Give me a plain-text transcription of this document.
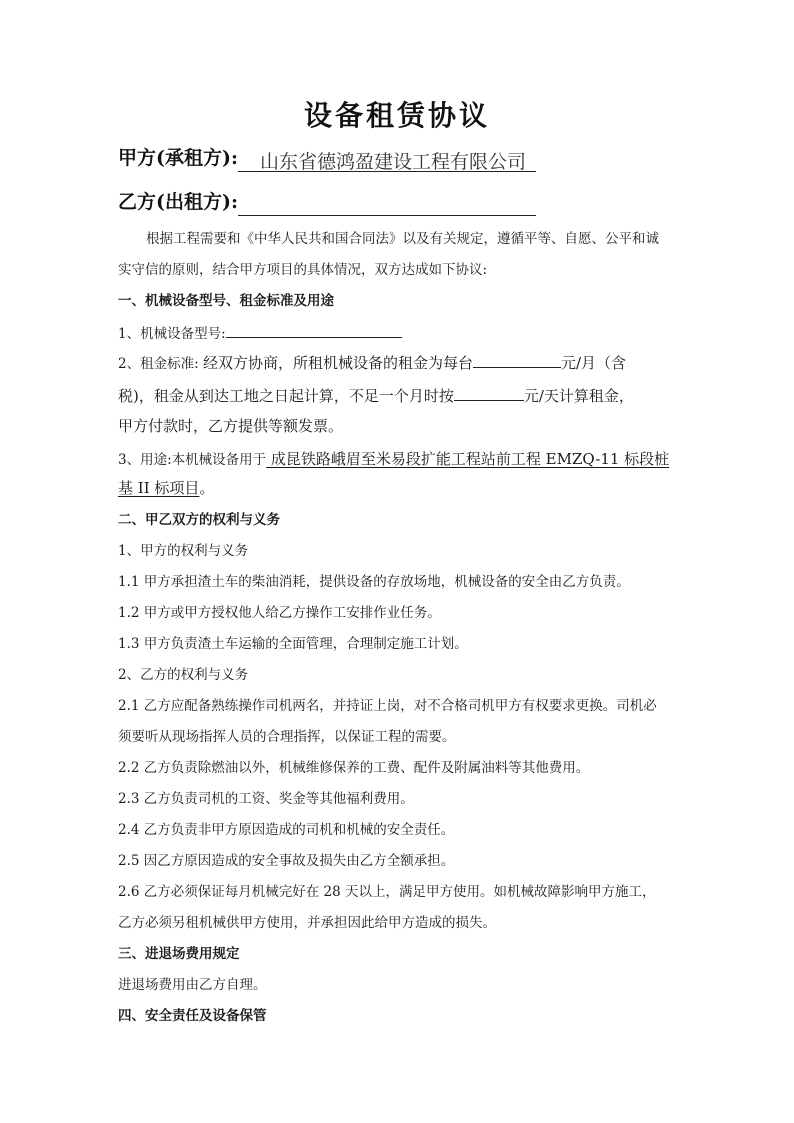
设备租赁协议
甲方(承租方): 山东省德鸿盈建设工程有限公司
乙方(出租方):
根据工程需要和《中华人民共和国合同法》以及有关规定，遵循平等、自愿、公平和诚
实守信的原则，结合甲方项目的具体情况，双方达成如下协议:
一、机械设备型号、租金标准及用途
1、机械设备型号:
2、租金标准: 经双方协商，所租机械设备的租金为每台	元/月（含
税)，租金从到达工地之日起计算，不足一个月时按	元/天计算租金，
甲方付款时，乙方提供等额发票。
3、用途:本机械设备用于 成昆铁路峨眉至米易段扩能工程站前工程 EMZQ-11 标段桩
基 II 标项目。
二、甲乙双方的权利与义务
1、甲方的权利与义务
1.1 甲方承担渣土车的柴油消耗，提供设备的存放场地，机械设备的安全由乙方负责。
1.2 甲方或甲方授权他人给乙方操作工安排作业任务。
1.3 甲方负责渣土车运输的全面管理，合理制定施工计划。
2、乙方的权利与义务
2.1 乙方应配备熟练操作司机两名，并持证上岗，对不合格司机甲方有权要求更换。司机必
须要听从现场指挥人员的合理指挥，以保证工程的需要。
2.2 乙方负责除燃油以外，机械维修保养的工费、配件及附属油料等其他费用。
2.3 乙方负责司机的工资、奖金等其他福利费用。
2.4 乙方负责非甲方原因造成的司机和机械的安全责任。
2.5 因乙方原因造成的安全事故及损失由乙方全额承担。
2.6 乙方必须保证每月机械完好在 28 天以上，满足甲方使用。如机械故障影响甲方施工，
乙方必须另租机械供甲方使用，并承担因此给甲方造成的损失。
三、进退场费用规定
进退场费用由乙方自理。
四、安全责任及设备保管
